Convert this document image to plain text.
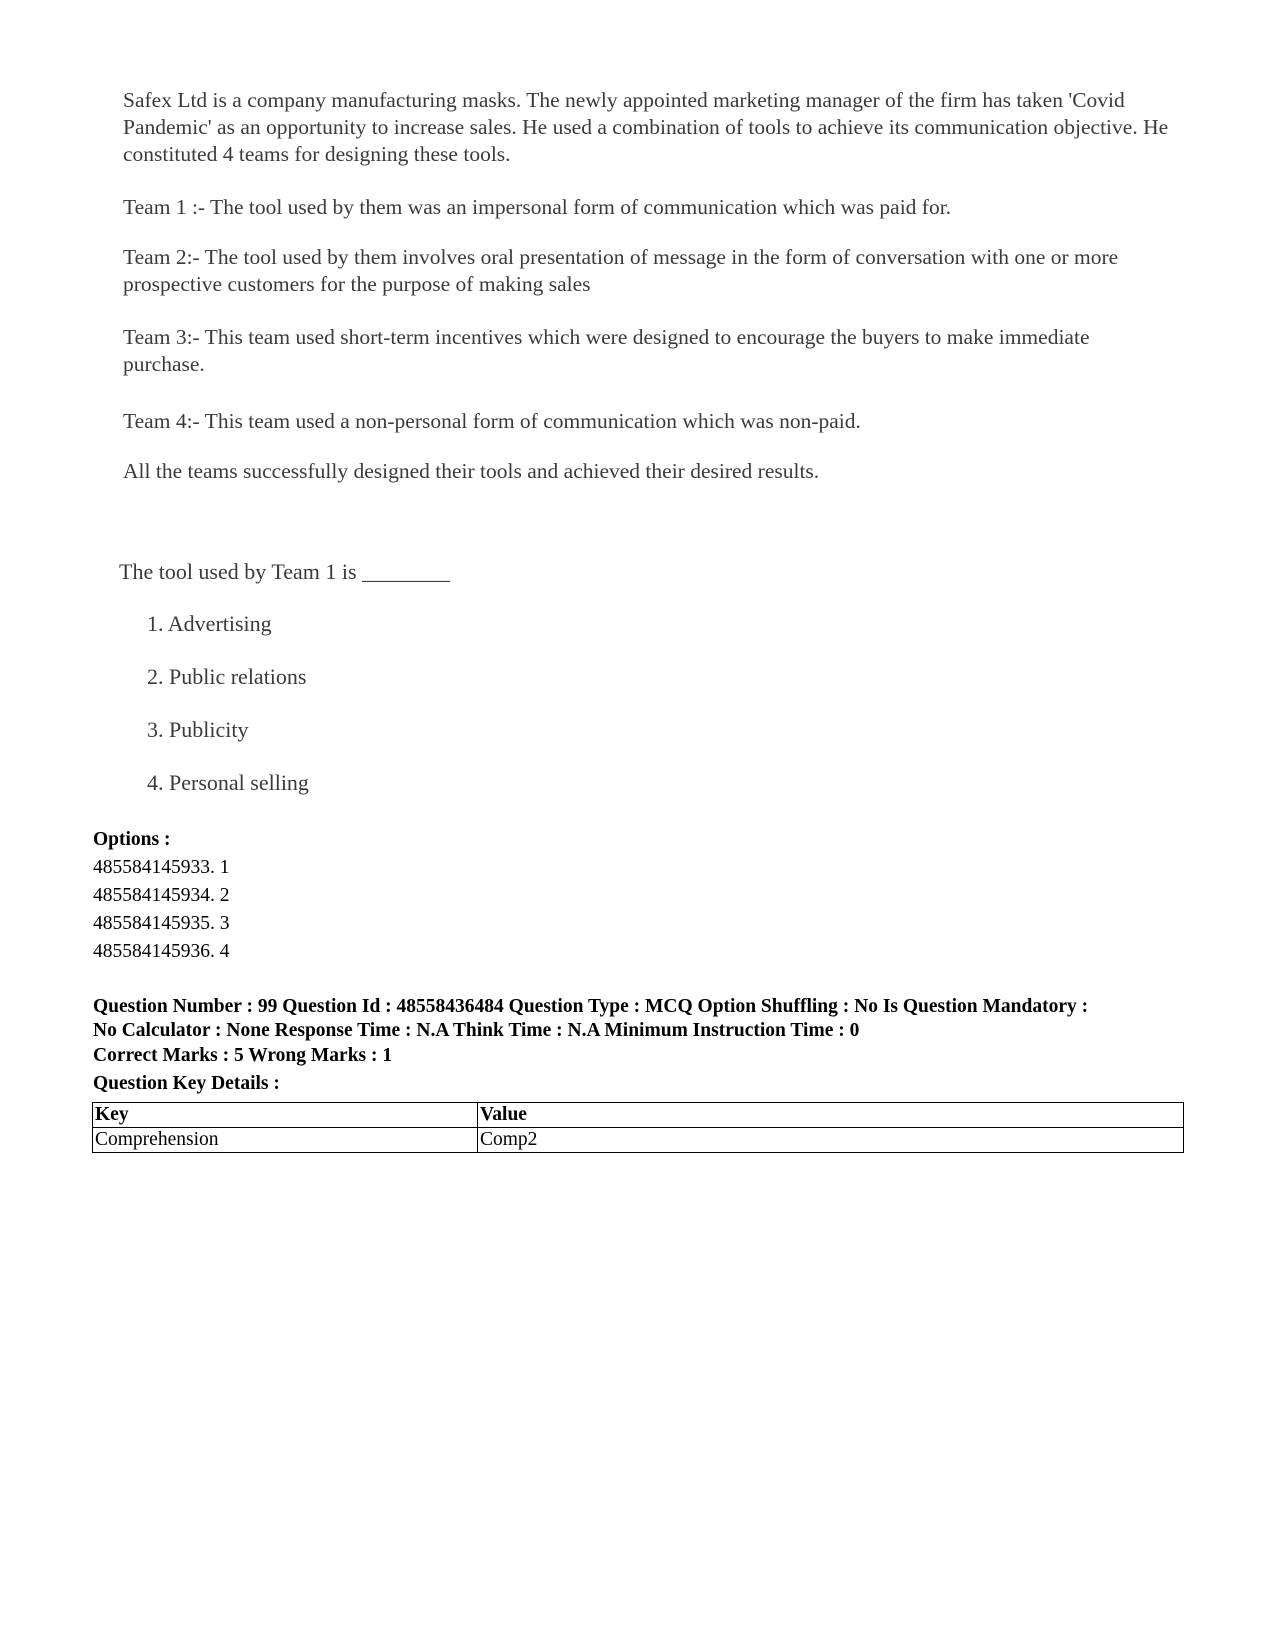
Safex Ltd is a company manufacturing masks. The newly appointed marketing manager of the firm has taken 'Covid Pandemic' as an opportunity to increase sales. He used a combination of tools to achieve its communication objective. He constituted 4 teams for designing these tools.

Team 1 :- The tool used by them was an impersonal form of communication which was paid for.

Team 2:- The tool used by them involves oral presentation of message in the form of conversation with one or more prospective customers for the purpose of making sales

Team 3:- This team used short-term incentives which were designed to encourage the buyers to make immediate purchase.

Team 4:- This team used a non-personal form of communication which was non-paid.

All the teams successfully designed their tools and achieved their desired results.

The tool used by Team 1 is ________

1. Advertising

2. Public relations

3. Publicity

4. Personal selling

Options :

485584145933. 1

485584145934. 2

485584145935. 3

485584145936. 4

Question Number : 99 Question Id : 48558436484 Question Type : MCQ Option Shuffling : No Is Question Mandatory :
No Calculator : None Response Time : N.A Think Time : N.A Minimum Instruction Time : 0

Correct Marks : 5 Wrong Marks : 1

Question Key Details :

Key	Value
Comprehension	Comp2
